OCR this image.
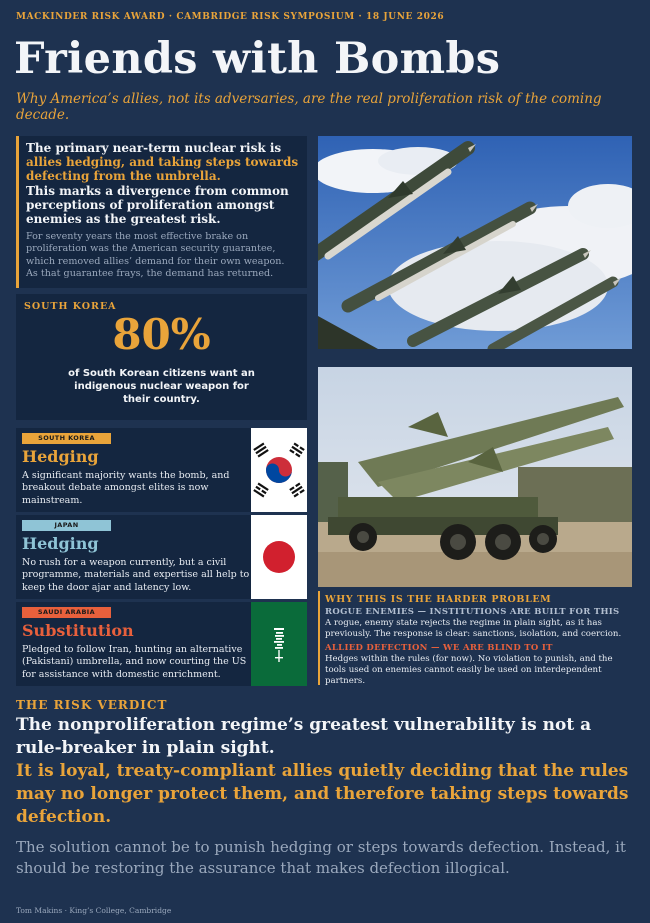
MACKINDER RISK AWARD · CAMBRIDGE RISK SYMPOSIUM · 18 JUNE 2026
Friends with Bombs
Why America’s allies, not its adversaries, are the real proliferation risk of the coming decade.
The primary near-term nuclear risk is allies hedging, and taking steps towards defecting from the umbrella.
This marks a divergence from common perceptions of proliferation amongst enemies as the greatest risk.
For seventy years the most effective brake on proliferation was the American security guarantee, which removed allies’ demand for their own weapon. As that guarantee frays, the demand has returned.
SOUTH KOREA
80%
of South Korean citizens want an indigenous nuclear weapon for their country.
SOUTH KOREA
Hedging
A significant majority wants the bomb, and breakout debate amongst elites is now mainstream.
JAPAN
Hedging
No rush for a weapon currently, but a civil programme, materials and expertise all help to keep the door ajar and latency low.
SAUDI ARABIA
Substitution
Pledged to follow Iran, hunting an alternative (Pakistani) umbrella, and now courting the US for assistance with domestic enrichment.
WHY THIS IS THE HARDER PROBLEM
ROGUE ENEMIES — INSTITUTIONS ARE BUILT FOR THIS
A rogue, enemy state rejects the regime in plain sight, as it has previously. The response is clear: sanctions, isolation, and coercion.
ALLIED DEFECTION — WE ARE BLIND TO IT
Hedges within the rules (for now). No violation to punish, and the tools used on enemies cannot easily be used on interdependent partners.
THE RISK VERDICT
The nonproliferation regime’s greatest vulnerability is not a rule-breaker in plain sight.
It is loyal, treaty-compliant allies quietly deciding that the rules may no longer protect them, and therefore taking steps towards defection.
The solution cannot be to punish hedging or steps towards defection. Instead, it should be restoring the assurance that makes defection illogical.
Tom Makins · King’s College, Cambridge
